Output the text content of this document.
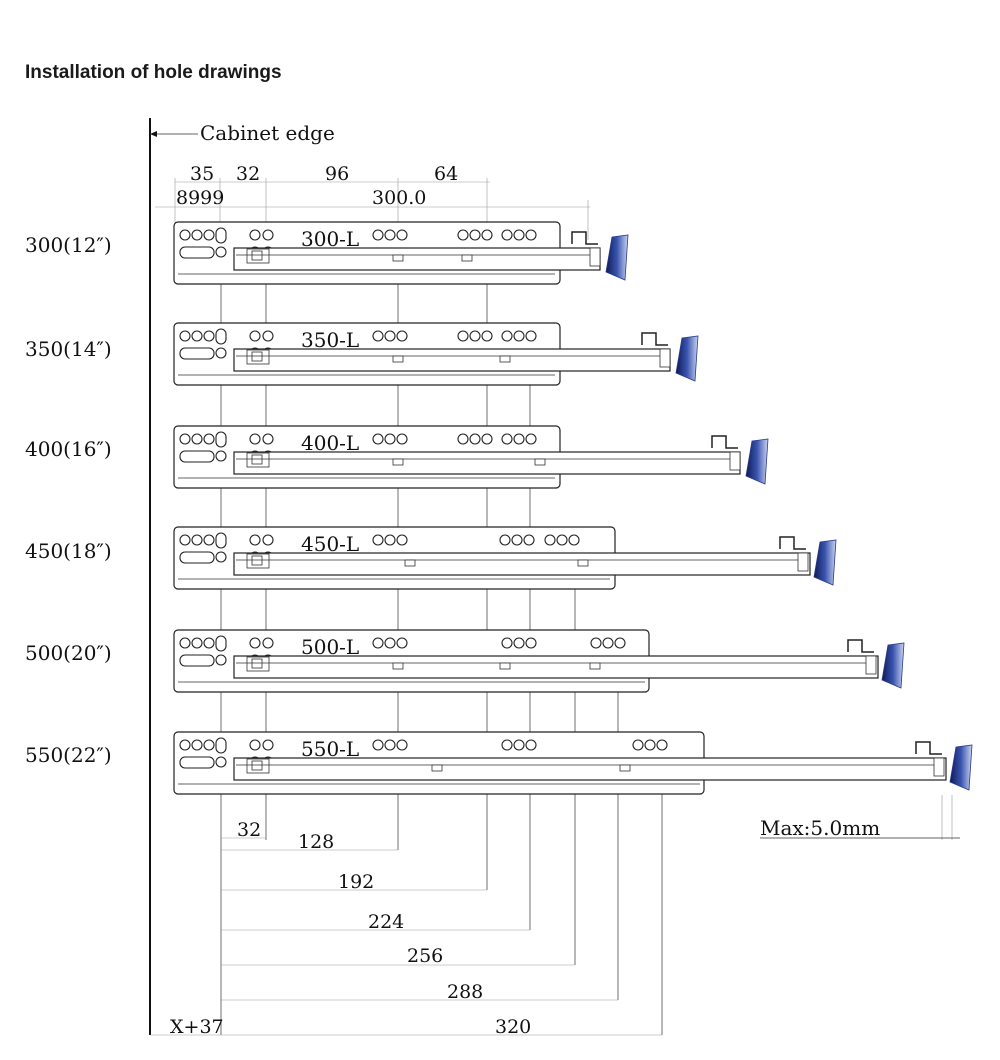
Installation of hole drawings
Cabinet edge
35 32	96	64
8999	300.0
300(12″)
350(14″)
400(16″)
450(18″)
500(20″)
550(22″)
300-L
350-L
400-L
450-L
500-L
550-L
Max:5.0mm
32
128
192
224
256
288
320
X+37
